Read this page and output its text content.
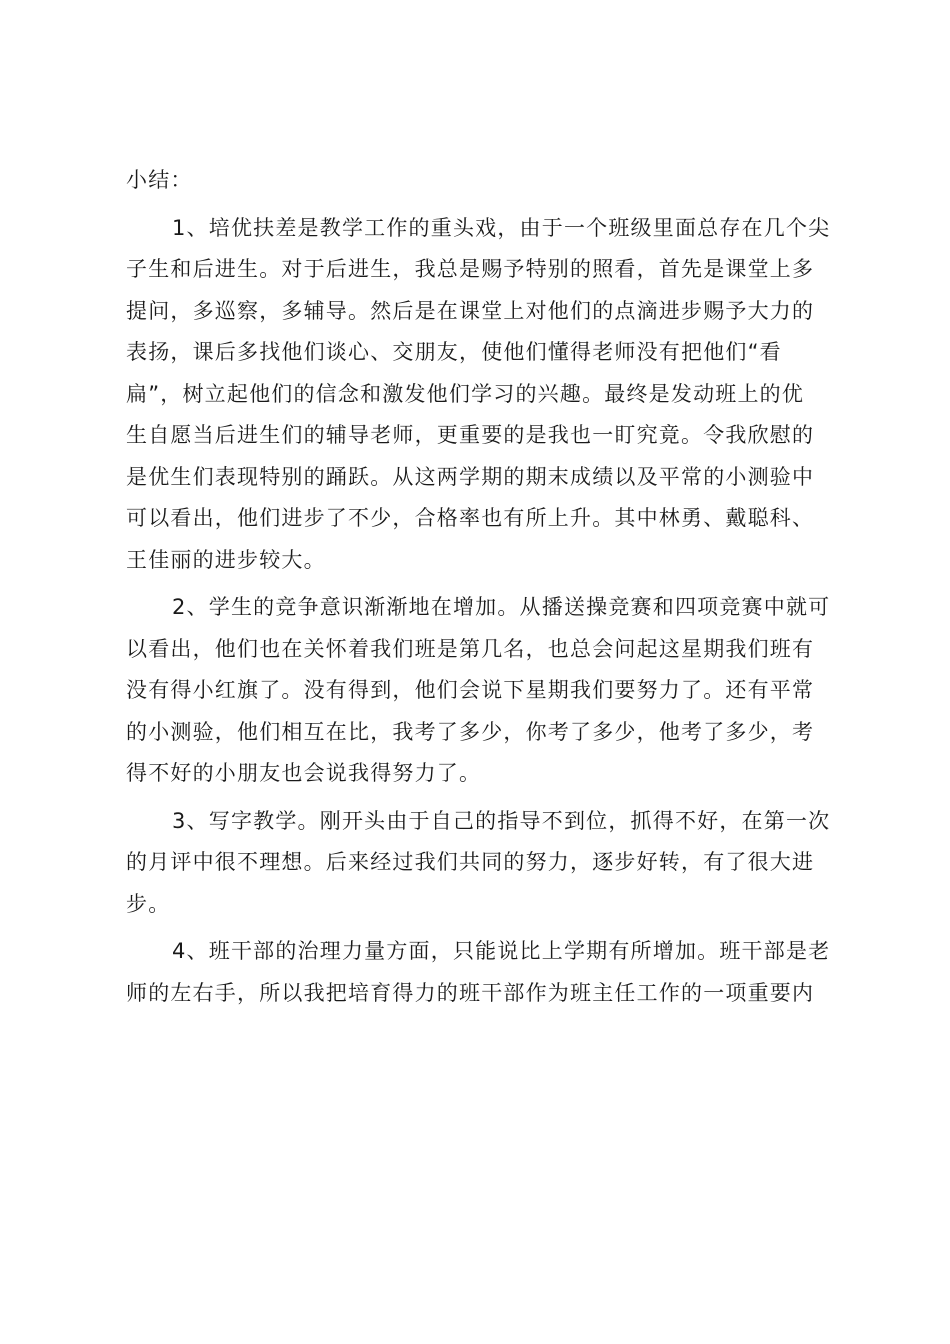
小结：
1、培优扶差是教学工作的重头戏，由于一个班级里面总存在几个尖
子生和后进生。对于后进生，我总是赐予特别的照看，首先是课堂上多
提问，多巡察，多辅导。然后是在课堂上对他们的点滴进步赐予大力的
表扬，课后多找他们谈心、交朋友，使他们懂得老师没有把他们“看
扁”，树立起他们的信念和激发他们学习的兴趣。最终是发动班上的优
生自愿当后进生们的辅导老师，更重要的是我也一盯究竟。令我欣慰的
是优生们表现特别的踊跃。从这两学期的期末成绩以及平常的小测验中
可以看出，他们进步了不少，合格率也有所上升。其中林勇、戴聪科、
王佳丽的进步较大。
2、学生的竞争意识渐渐地在增加。从播送操竞赛和四项竞赛中就可
以看出，他们也在关怀着我们班是第几名，也总会问起这星期我们班有
没有得小红旗了。没有得到，他们会说下星期我们要努力了。还有平常
的小测验，他们相互在比，我考了多少，你考了多少，他考了多少，考
得不好的小朋友也会说我得努力了。
3、写字教学。刚开头由于自己的指导不到位，抓得不好，在第一次
的月评中很不理想。后来经过我们共同的努力，逐步好转，有了很大进
步。
4、班干部的治理力量方面，只能说比上学期有所增加。班干部是老
师的左右手，所以我把培育得力的班干部作为班主任工作的一项重要内
